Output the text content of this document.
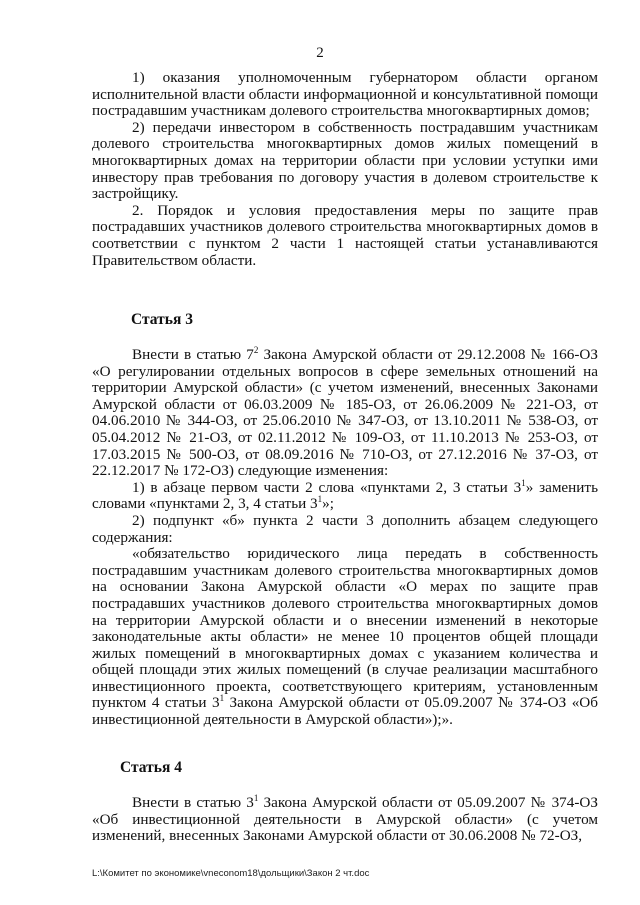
2

1) оказания уполномоченным губернатором области органом исполнительной власти области информационной и консультативной помощи пострадавшим участникам долевого строительства многоквартирных домов;

2) передачи инвестором в собственность пострадавшим участникам долевого строительства многоквартирных домов жилых помещений в многоквартирных домах на территории области при условии уступки ими инвестору прав требования по договору участия в долевом строительстве к застройщику.

2. Порядок и условия предоставления меры по защите прав пострадавших участников долевого строительства многоквартирных домов в соответствии с пунктом 2 части 1 настоящей статьи устанавливаются Правительством области.

Статья 3

Внести в статью $7^2$ Закона Амурской области от 29.12.2008 № 166-ОЗ «О регулировании отдельных вопросов в сфере земельных отношений на территории Амурской области» (с учетом изменений, внесенных Законами Амурской области от 06.03.2009 № 185-ОЗ, от 26.06.2009 № 221-ОЗ, от 04.06.2010 № 344-ОЗ, от 25.06.2010 № 347-ОЗ, от 13.10.2011 № 538-ОЗ, от 05.04.2012 № 21-ОЗ, от 02.11.2012 № 109-ОЗ, от 11.10.2013 № 253-ОЗ, от 17.03.2015 № 500-ОЗ, от 08.09.2016 № 710-ОЗ, от 27.12.2016 № 37-ОЗ, от 22.12.2017 № 172-ОЗ) следующие изменения:

1) в абзаце первом части 2 слова «пунктами 2, 3 статьи $3^1$» заменить словами «пунктами 2, 3, 4 статьи $3^1$»;

2) подпункт «б» пункта 2 части 3 дополнить абзацем следующего содержания:

«обязательство юридического лица передать в собственность пострадавшим участникам долевого строительства многоквартирных домов на основании Закона Амурской области «О мерах по защите прав пострадавших участников долевого строительства многоквартирных домов на территории Амурской области и о внесении изменений в некоторые законодательные акты области» не менее 10 процентов общей площади жилых помещений в многоквартирных домах с указанием количества и общей площади этих жилых помещений (в случае реализации масштабного инвестиционного проекта, соответствующего критериям, установленным пунктом 4 статьи $3^1$ Закона Амурской области от 05.09.2007 № 374-ОЗ «Об инвестиционной деятельности в Амурской области»);».

Статья 4

Внести в статью $3^1$ Закона Амурской области от 05.09.2007 № 374-ОЗ «Об инвестиционной деятельности в Амурской области» (с учетом изменений, внесенных Законами Амурской области от 30.06.2008 № 72-ОЗ,

L:\Комитет по экономике\vneconom18\дольщики\Закон 2 чт.doc
